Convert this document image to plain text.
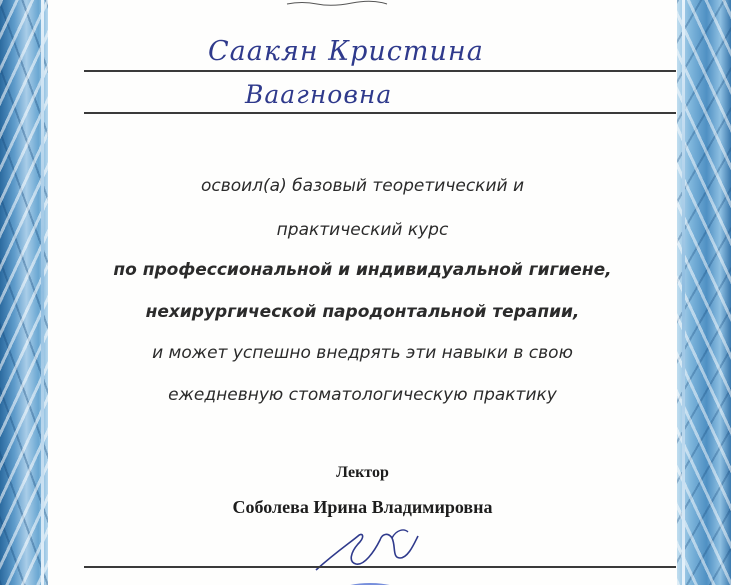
Саакян Кристина
Ваагновна
освоил(а) базовый теоретический и
практический курс
по профессиональной и индивидуальной гигиене,
нехирургической пародонтальной терапии,
и может успешно внедрять эти навыки в свою
ежедневную стоматологическую практику
Лектор
Соболева Ирина Владимировна
